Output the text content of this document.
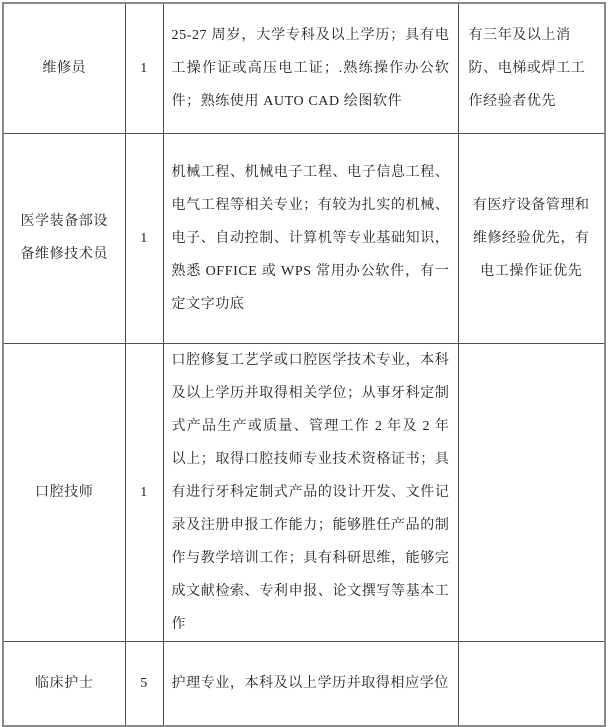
维修员	1	25-27 周岁，大学专科及以上学历；具有电工操作证或高压电工证；.熟练操作办公软件；熟练使用 AUTO CAD 绘图软件	有三年及以上消防、电梯或焊工工作经验者优先
医学装备部设备维修技术员	1	机械工程、机械电子工程、电子信息工程、电气工程等相关专业；有较为扎实的机械、电子、自动控制、计算机等专业基础知识，熟悉 OFFICE 或 WPS 常用办公软件，有一定文字功底	有医疗设备管理和维修经验优先，有电工操作证优先
口腔技师	1	口腔修复工艺学或口腔医学技术专业，本科及以上学历并取得相关学位；从事牙科定制式产品生产或质量、管理工作 2 年及 2 年以上；取得口腔技师专业技术资格证书；具有进行牙科定制式产品的设计开发、文件记录及注册申报工作能力；能够胜任产品的制作与教学培训工作；具有科研思维，能够完成文献检索、专利申报、论文撰写等基本工作	
临床护士	5	护理专业，本科及以上学历并取得相应学位	
